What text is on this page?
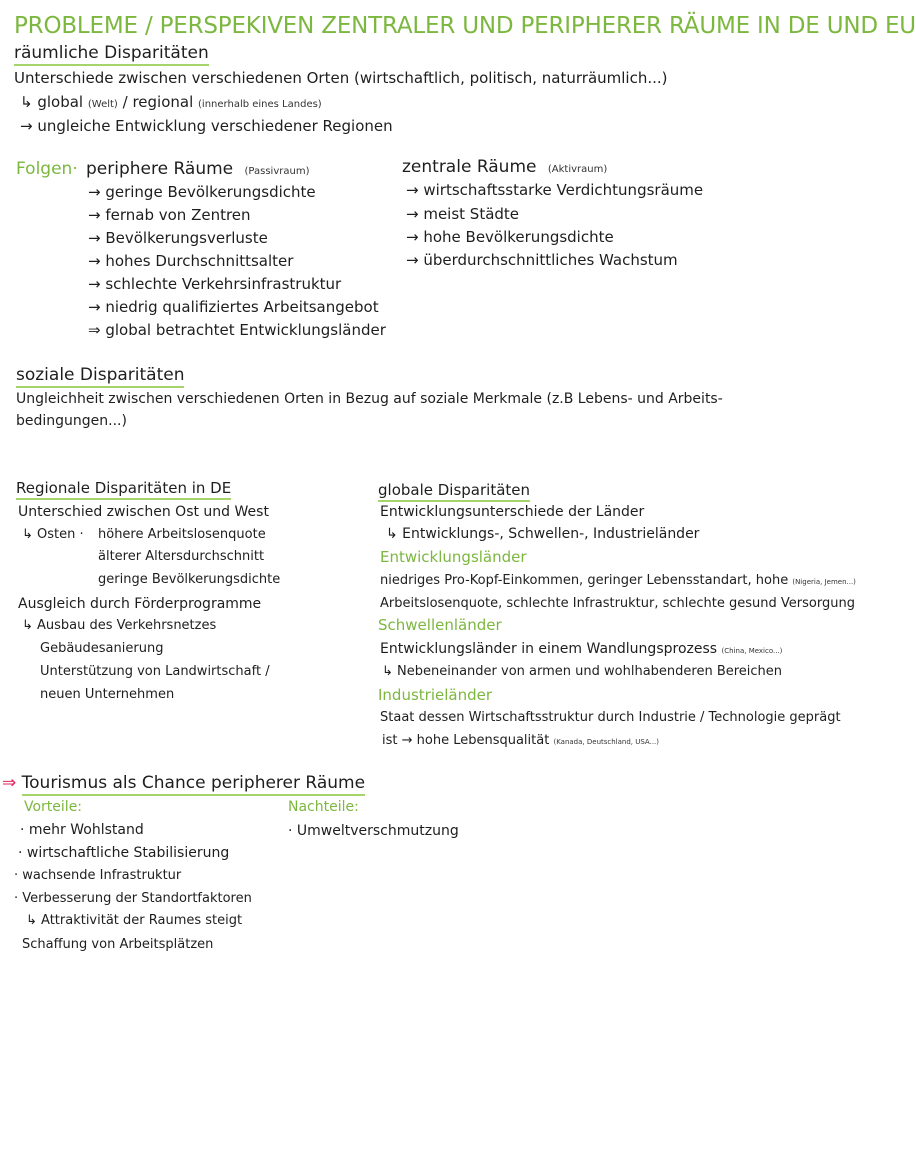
PROBLEME / PERSPEKIVEN ZENTRALER UND PERIPHERER RÄUME IN DE UND EU
räumliche Disparitäten
Unterschiede zwischen verschiedenen Orten (wirtschaftlich, politisch, naturräumlich...)
↳ global (Welt) / regional (innerhalb eines Landes)
→ ungleiche Entwicklung verschiedener Regionen
Folgen· periphere Räume (Passivraum)
→ geringe Bevölkerungsdichte
→ fernab von Zentren
→ Bevölkerungsverluste
→ hohes Durchschnittsalter
→ schlechte Verkehrsinfrastruktur
→ niedrig qualifiziertes Arbeitsangebot
⇒ global betrachtet Entwicklungsländer
zentrale Räume (Aktivraum)
→ wirtschaftsstarke Verdichtungsräume
→ meist Städte
→ hohe Bevölkerungsdichte
→ überdurchschnittliches Wachstum
soziale Disparitäten
Ungleichheit zwischen verschiedenen Orten in Bezug auf soziale Merkmale (z.B Lebens- und Arbeits-
bedingungen...)
Regionale Disparitäten in DE
Unterschied zwischen Ost und West
↳ Osten · höhere Arbeitslosenquote
älterer Altersdurchschnitt
geringe Bevölkerungsdichte
Ausgleich durch Förderprogramme
↳ Ausbau des Verkehrsnetzes
Gebäudesanierung
Unterstützung von Landwirtschaft /
neuen Unternehmen
globale Disparitäten
Entwicklungsunterschiede der Länder
↳ Entwicklungs-, Schwellen-, Industrieländer
Entwicklungsländer
niedriges Pro-Kopf-Einkommen, geringer Lebensstandart, hohe (Nigeria, Jemen...)
Arbeitslosenquote, schlechte Infrastruktur, schlechte gesund Versorgung
Schwellenländer
Entwicklungsländer in einem Wandlungsprozess (China, Mexico...)
↳ Nebeneinander von armen und wohlhabenderen Bereichen
Industrieländer
Staat dessen Wirtschaftsstruktur durch Industrie / Technologie geprägt
ist → hohe Lebensqualität (Kanada, Deutschland, USA...)
⇒ Tourismus als Chance peripherer Räume
Vorteile:
· mehr Wohlstand
· wirtschaftliche Stabilisierung
· wachsende Infrastruktur
· Verbesserung der Standortfaktoren
↳ Attraktivität der Raumes steigt
Schaffung von Arbeitsplätzen
Nachteile:
· Umweltverschmutzung
